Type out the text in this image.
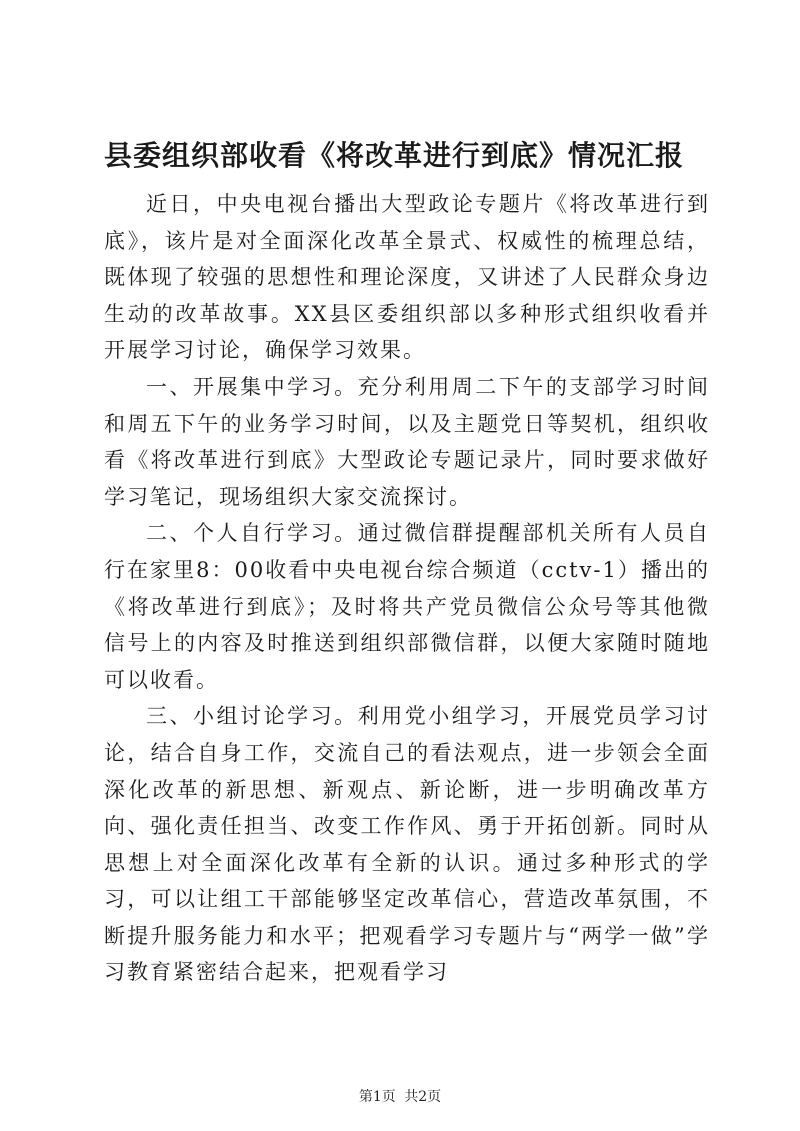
县委组织部收看《将改革进行到底》情况汇报

近日，中央电视台播出大型政论专题片《将改革进行到底》，该片是对全面深化改革全景式、权威性的梳理总结，既体现了较强的思想性和理论深度，又讲述了人民群众身边生动的改革故事。XX县区委组织部以多种形式组织收看并开展学习讨论，确保学习效果。

一、开展集中学习。充分利用周二下午的支部学习时间和周五下午的业务学习时间，以及主题党日等契机，组织收看《将改革进行到底》大型政论专题记录片，同时要求做好学习笔记，现场组织大家交流探讨。

二、个人自行学习。通过微信群提醒部机关所有人员自行在家里8：00收看中央电视台综合频道（cctv-1）播出的《将改革进行到底》；及时将共产党员微信公众号等其他微信号上的内容及时推送到组织部微信群，以便大家随时随地可以收看。

三、小组讨论学习。利用党小组学习，开展党员学习讨论，结合自身工作，交流自己的看法观点，进一步领会全面深化改革的新思想、新观点、新论断，进一步明确改革方向、强化责任担当、改变工作作风、勇于开拓创新。同时从思想上对全面深化改革有全新的认识。通过多种形式的学习，可以让组工干部能够坚定改革信心，营造改革氛围，不断提升服务能力和水平；把观看学习专题片与“两学一做”学习教育紧密结合起来，把观看学习

第1页 共2页
